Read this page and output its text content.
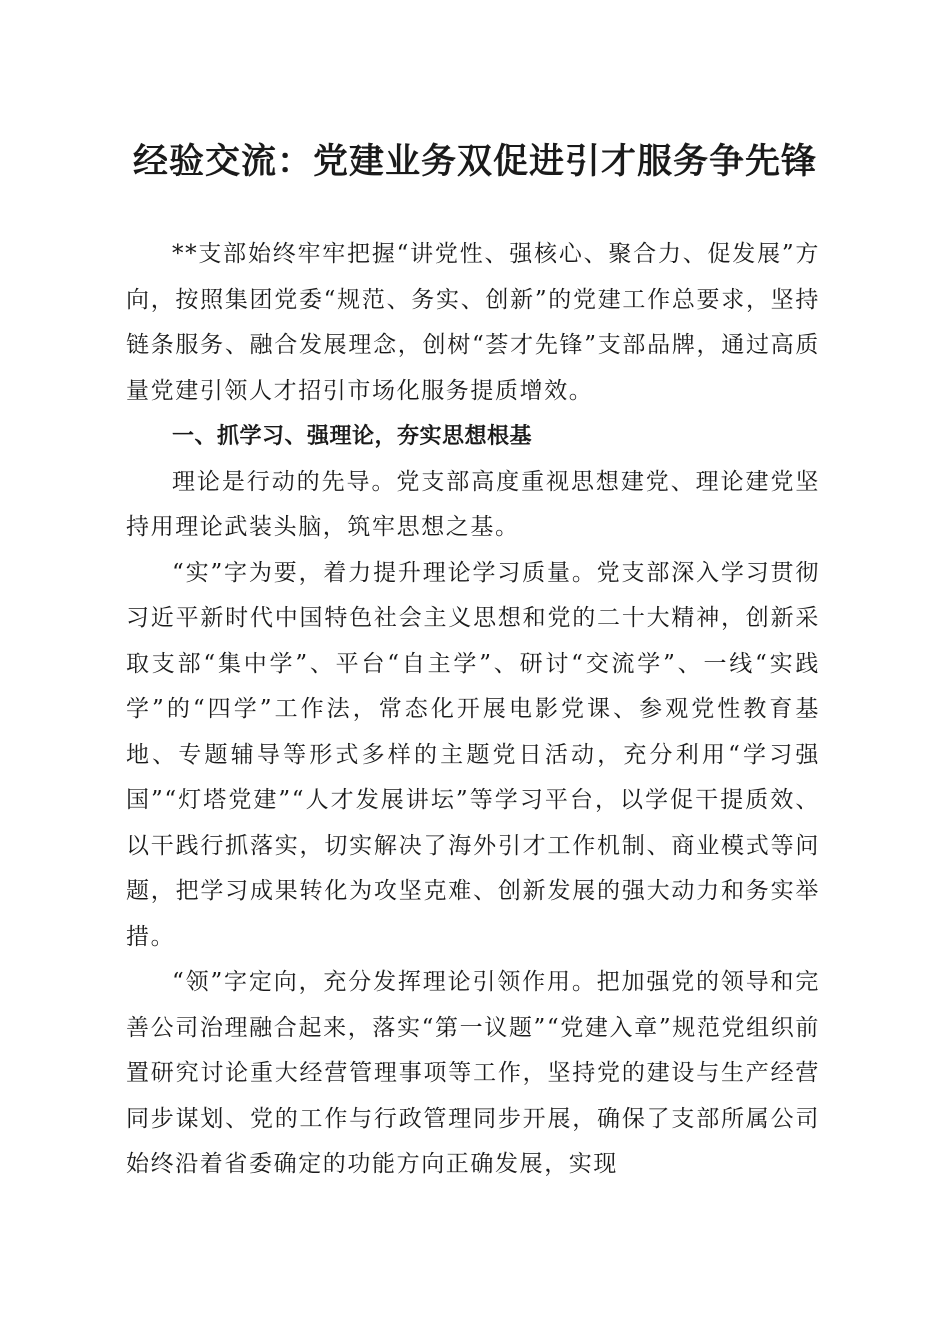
经验交流：党建业务双促进引才服务争先锋

**支部始终牢牢把握“讲党性、强核心、聚合力、促发展”方向，按照集团党委“规范、务实、创新”的党建工作总要求，坚持链条服务、融合发展理念，创树“荟才先锋”支部品牌，通过高质量党建引领人才招引市场化服务提质增效。

一、抓学习、强理论，夯实思想根基

理论是行动的先导。党支部高度重视思想建党、理论建党坚持用理论武装头脑，筑牢思想之基。

“实”字为要，着力提升理论学习质量。党支部深入学习贯彻习近平新时代中国特色社会主义思想和党的二十大精神，创新采取支部“集中学”、平台“自主学”、研讨“交流学”、一线“实践学”的“四学”工作法，常态化开展电影党课、参观党性教育基地、专题辅导等形式多样的主题党日活动，充分利用“学习强国”“灯塔党建”“人才发展讲坛”等学习平台，以学促干提质效、以干践行抓落实，切实解决了海外引才工作机制、商业模式等问题，把学习成果转化为攻坚克难、创新发展的强大动力和务实举措。

“领”字定向，充分发挥理论引领作用。把加强党的领导和完善公司治理融合起来，落实“第一议题”“党建入章”规范党组织前置研究讨论重大经营管理事项等工作，坚持党的建设与生产经营同步谋划、党的工作与行政管理同步开展，确保了支部所属公司始终沿着省委确定的功能方向正确发展，实现
